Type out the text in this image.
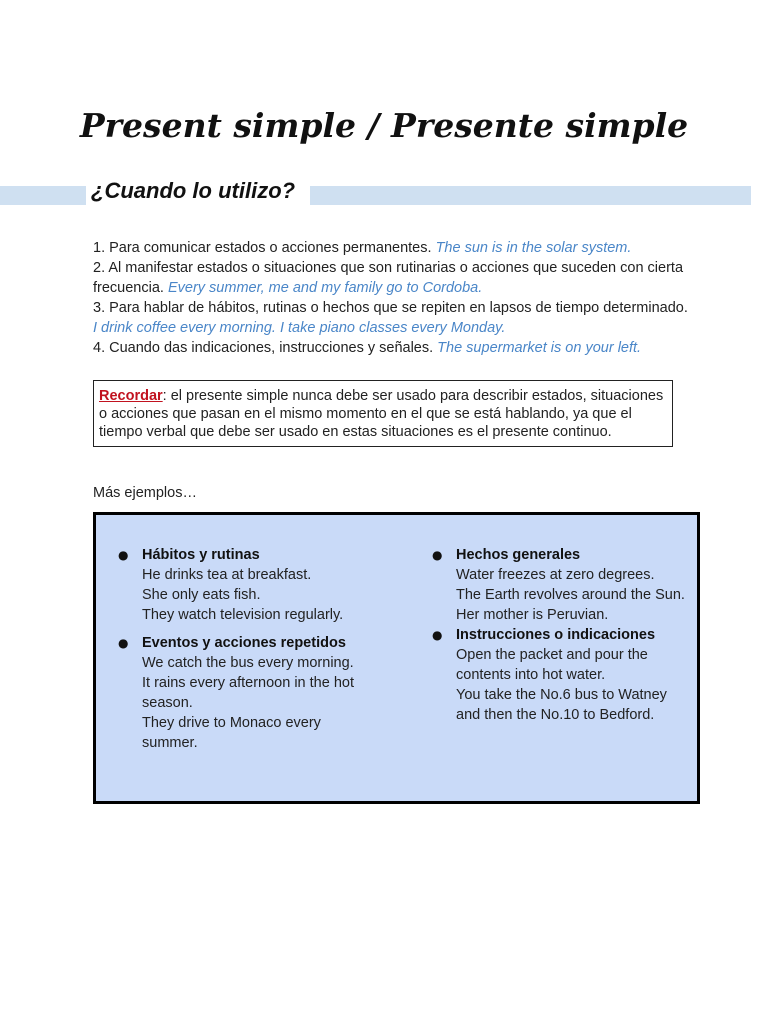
Present simple / Presente simple
¿Cuando lo utilizo?

1. Para comunicar estados o acciones permanentes. The sun is in the solar system.

2. Al manifestar estados o situaciones que son rutinarias o acciones que suceden con cierta frecuencia. Every summer, me and my family go to Cordoba.

3. Para hablar de hábitos, rutinas o hechos que se repiten en lapsos de tiempo determinado. I drink coffee every morning. I take piano classes every Monday.

4. Cuando das indicaciones, instrucciones y señales. The supermarket is on your left.

Recordar: el presente simple nunca debe ser usado para describir estados, situaciones o acciones que pasan en el mismo momento en el que se está hablando, ya que el tiempo verbal que debe ser usado en estas situaciones es el presente continuo.
Más ejemplos…
● Hábitos y rutinas
He drinks tea at breakfast.
She only eats fish.
They watch television regularly.
● Eventos y acciones repetidos
We catch the bus every morning.
It rains every afternoon in the hot season.
They drive to Monaco every summer.
● Hechos generales
Water freezes at zero degrees.
The Earth revolves around the Sun.
Her mother is Peruvian.
● Instrucciones o indicaciones
Open the packet and pour the contents into hot water.
You take the No.6 bus to Watney and then the No.10 to Bedford.
